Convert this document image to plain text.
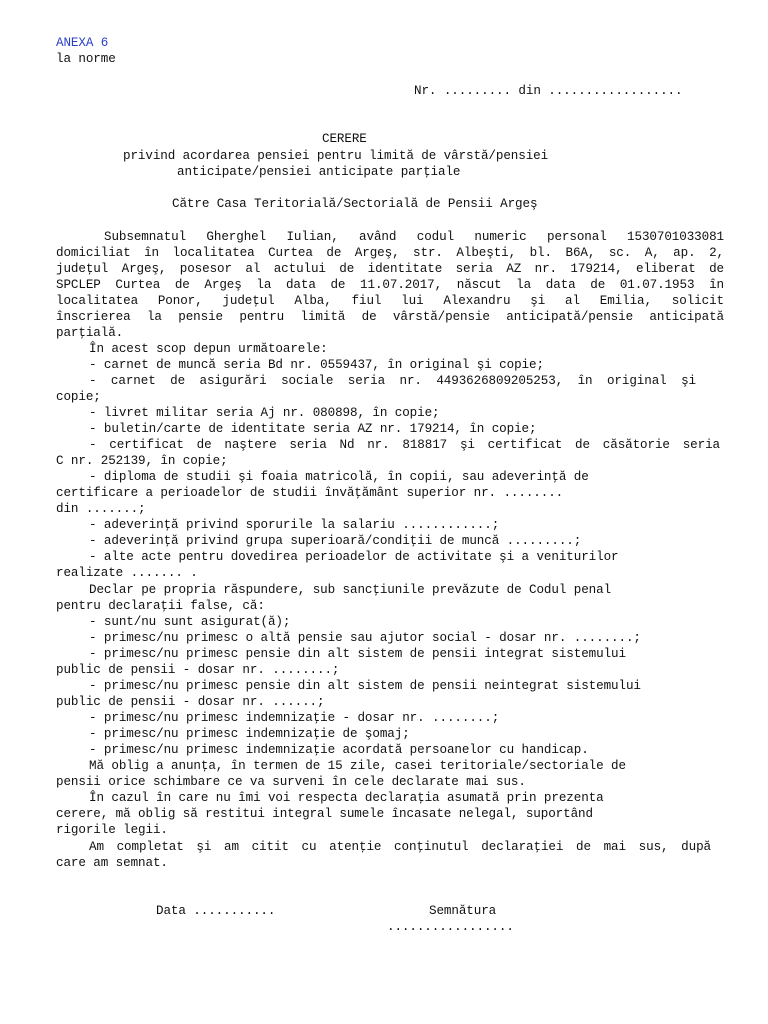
ANEXA 6
la norme
Nr. ......... din ..................
CERERE
privind acordarea pensiei pentru limită de vârstă/pensiei
anticipate/pensiei anticipate parţiale
Către Casa Teritorială/Sectorială de Pensii Argeş
Subsemnatul Gherghel Iulian, având codul numeric personal 1530701033081
domiciliat în localitatea Curtea de Argeş, str. Albeşti, bl. B6A, sc. A, ap. 2,
judeţul Argeş, posesor al actului de identitate seria AZ nr. 179214, eliberat de
SPCLEP Curtea de Argeş la data de 11.07.2017, născut la data de 01.07.1953 în
localitatea Ponor, judeţul Alba, fiul lui Alexandru şi al Emilia, solicit
înscrierea la pensie pentru limită de vârstă/pensie anticipată/pensie anticipată
parţială.
În acest scop depun următoarele:
- carnet de muncă seria Bd nr. 0559437, în original şi copie;
- carnet de asigurări sociale seria nr. 4493626809205253, în original şi
copie;
- livret militar seria Aj nr. 080898, în copie;
- buletin/carte de identitate seria AZ nr. 179214, în copie;
- certificat de naştere seria Nd nr. 818817 şi certificat de căsătorie seria
C nr. 252139, în copie;
- diploma de studii şi foaia matricolă, în copii, sau adeverinţă de
certificare a perioadelor de studii învăţământ superior nr. ........
din .......;
- adeverinţă privind sporurile la salariu ............;
- adeverinţă privind grupa superioară/condiţii de muncă .........;
- alte acte pentru dovedirea perioadelor de activitate şi a veniturilor
realizate ....... .
Declar pe propria răspundere, sub sancţiunile prevăzute de Codul penal
pentru declaraţii false, că:
- sunt/nu sunt asigurat(ă);
- primesc/nu primesc o altă pensie sau ajutor social - dosar nr. ........;
- primesc/nu primesc pensie din alt sistem de pensii integrat sistemului
public de pensii - dosar nr. ........;
- primesc/nu primesc pensie din alt sistem de pensii neintegrat sistemului
public de pensii - dosar nr. ......;
- primesc/nu primesc indemnizaţie - dosar nr. ........;
- primesc/nu primesc indemnizaţie de şomaj;
- primesc/nu primesc indemnizaţie acordată persoanelor cu handicap.
Mă oblig a anunţa, în termen de 15 zile, casei teritoriale/sectoriale de
pensii orice schimbare ce va surveni în cele declarate mai sus.
În cazul în care nu îmi voi respecta declaraţia asumată prin prezenta
cerere, mă oblig să restitui integral sumele încasate nelegal, suportând
rigorile legii.
Am completat şi am citit cu atenţie conţinutul declaraţiei de mai sus, după
care am semnat.
Data ...........	Semnătura
.................
